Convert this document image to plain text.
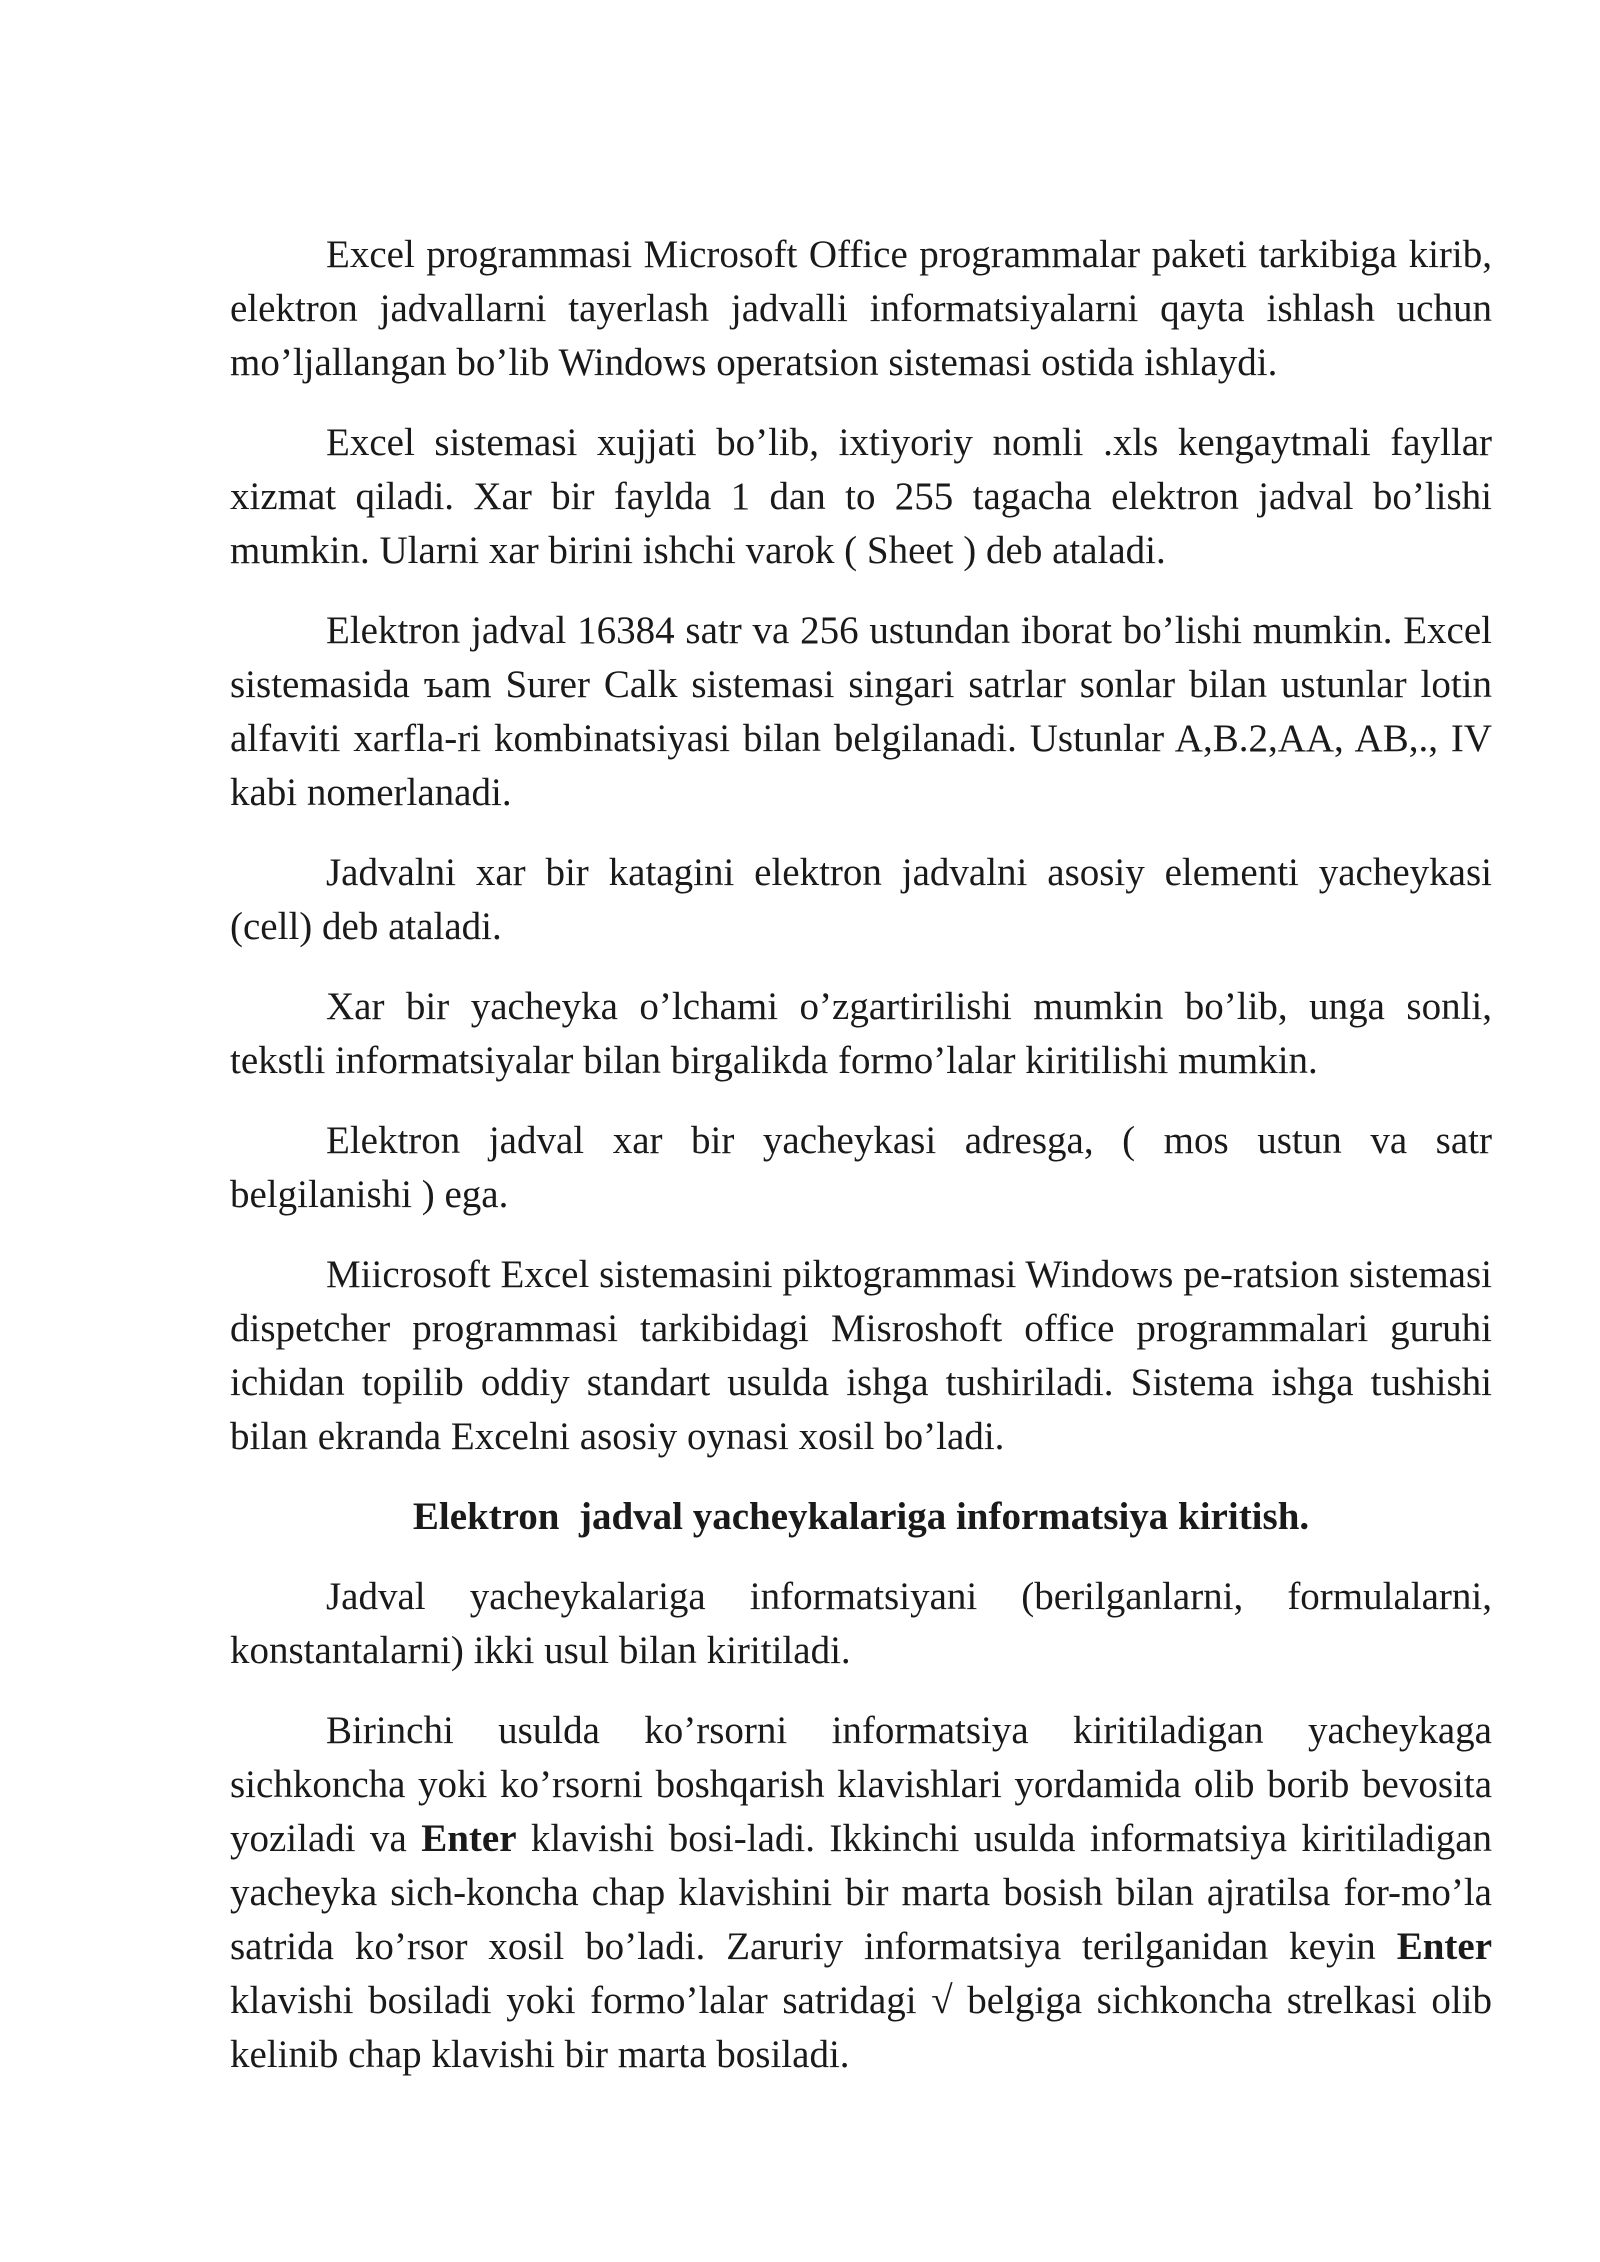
Excel programmasi Microsoft Office programmalar paketi tarkibiga kirib, elektron jadvallarni tayerlash jadvalli informatsiyalarni qayta ishlash uchun mo’ljallangan bo’lib Windows operatsion sistemasi ostida ishlaydi.

Excel sistemasi xujjati bo’lib, ixtiyoriy nomli .xls kengaytmali fayllar xizmat qiladi. Xar bir faylda 1 dan to 255 tagacha elektron jadval bo’lishi mumkin. Ularni xar birini ishchi varok ( Sheet ) deb ataladi.

Elektron jadval 16384 satr va 256 ustundan iborat bo’lishi mumkin. Excel sistemasida ъam Surer Calk sistemasi singari satrlar sonlar bilan ustunlar lotin alfaviti xarfla-ri kombinatsiyasi bilan belgilanadi. Ustunlar A,B.2,AA, AB,., IV kabi nomerlanadi.

Jadvalni xar bir katagini elektron jadvalni asosiy elementi yacheykasi (cell) deb ataladi.

Xar bir yacheyka o’lchami o’zgartirilishi mumkin bo’lib, unga sonli, tekstli informatsiyalar bilan birgalikda formo’lalar kiritilishi mumkin.

Elektron jadval xar bir yacheykasi adresga, ( mos ustun va satr belgilanishi ) ega.

Miicrosoft Excel sistemasini piktogrammasi Windows pe-ratsion sistemasi dispetcher programmasi tarkibidagi Misroshoft office programmalari guruhi ichidan topilib oddiy standart usulda ishga tushiriladi. Sistema ishga tushishi bilan ekranda Excelni asosiy oynasi xosil bo’ladi.

Elektron  jadval yacheykalariga informatsiya kiritish.

Jadval yacheykalariga informatsiyani (berilganlarni, formulalarni, konstantalarni) ikki usul bilan kiritiladi.

Birinchi usulda ko’rsorni informatsiya kiritiladigan yacheykaga sichkoncha yoki ko’rsorni boshqarish klavishlari yordamida olib borib bevosita yoziladi va Enter klavishi bosi-ladi. Ikkinchi usulda informatsiya kiritiladigan yacheyka sich-koncha chap klavishini bir marta bosish bilan ajratilsa for-mo’la satrida ko’rsor xosil bo’ladi. Zaruriy informatsiya terilganidan keyin Enter klavishi bosiladi yoki formo’lalar satridagi √ belgiga sichkoncha strelkasi olib kelinib chap klavishi bir marta bosiladi.
